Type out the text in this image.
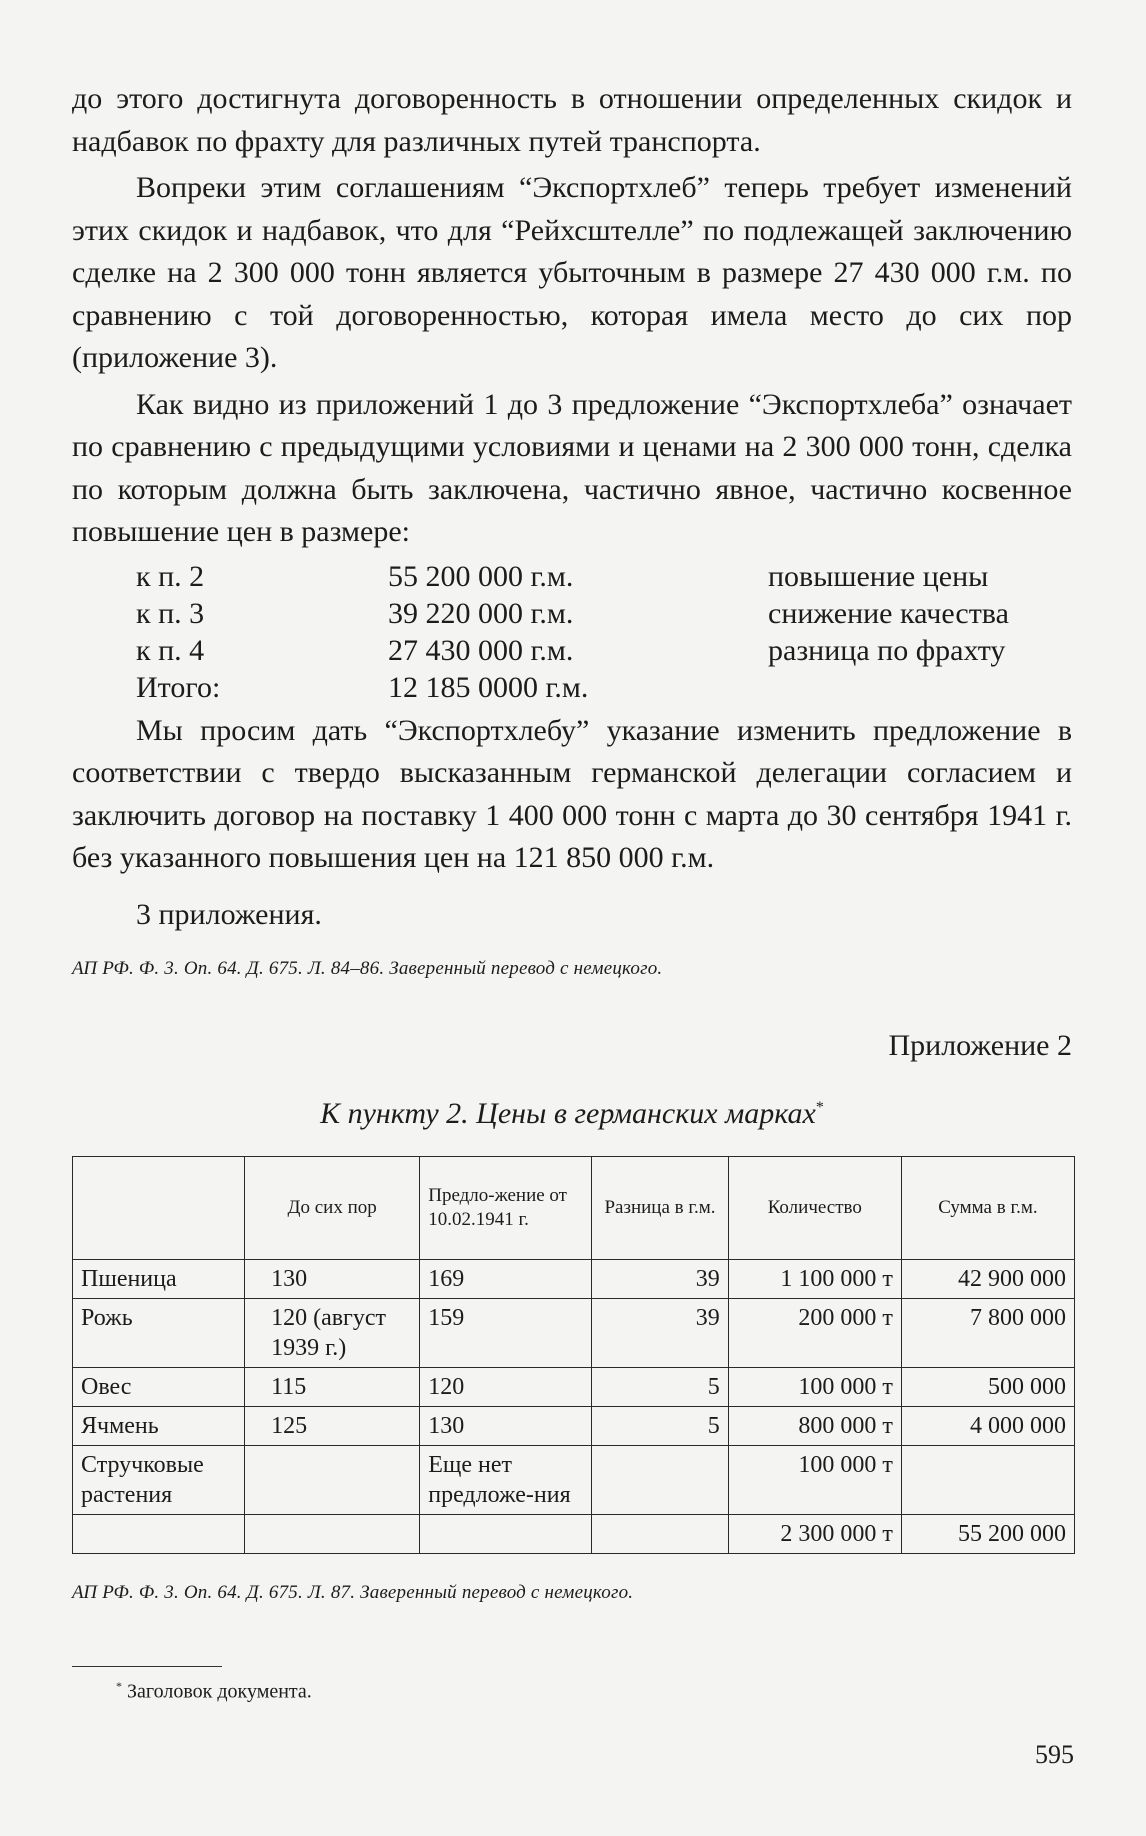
до этого достигнута договоренность в отношении определенных скидок и надбавок по фрахту для различных путей транспорта.

Вопреки этим соглашениям “Экспортхлеб” теперь требует изменений этих скидок и надбавок, что для “Рейхсштелле” по подлежащей заключению сделке на 2 300 000 тонн является убыточным в размере 27 430 000 г.м. по сравнению с той договоренностью, которая имела место до сих пор (приложение 3).

Как видно из приложений 1 до 3 предложение “Экспортхлеба” означает по сравнению с предыдущими условиями и ценами на 2 300 000 тонн, сделка по которым должна быть заключена, частично явное, частично косвенное повышение цен в размере:

к п. 2	55 200 000 г.м.	повышение цены
к п. 3	39 220 000 г.м.	снижение качества
к п. 4	27 430 000 г.м.	разница по фрахту
Итого:	12 185 0000 г.м.

Мы просим дать “Экспортхлебу” указание изменить предложение в соответствии с твердо высказанным германской делегации согласием и заключить договор на поставку 1 400 000 тонн с марта до 30 сентября 1941 г. без указанного повышения цен на 121 850 000 г.м.

3 приложения.

АП РФ. Ф. 3. Оп. 64. Д. 675. Л. 84–86. Заверенный перевод с немецкого.

Приложение 2

К пункту 2. Цены в германских марках*

	До сих пор	Предло-жение от 10.02.1941 г.	Разница в г.м.	Количество	Сумма в г.м.
Пшеница	130	169	39	1 100 000 т	42 900 000
Рожь	120 (август 1939 г.)	159	39	200 000 т	7 800 000
Овес	115	120	5	100 000 т	500 000
Ячмень	125	130	5	800 000 т	4 000 000
Стручковые растения		Еще нет предложе-ния		100 000 т	
				2 300 000 т	55 200 000

АП РФ. Ф. 3. Оп. 64. Д. 675. Л. 87. Заверенный перевод с немецкого.

* Заголовок документа.

595
